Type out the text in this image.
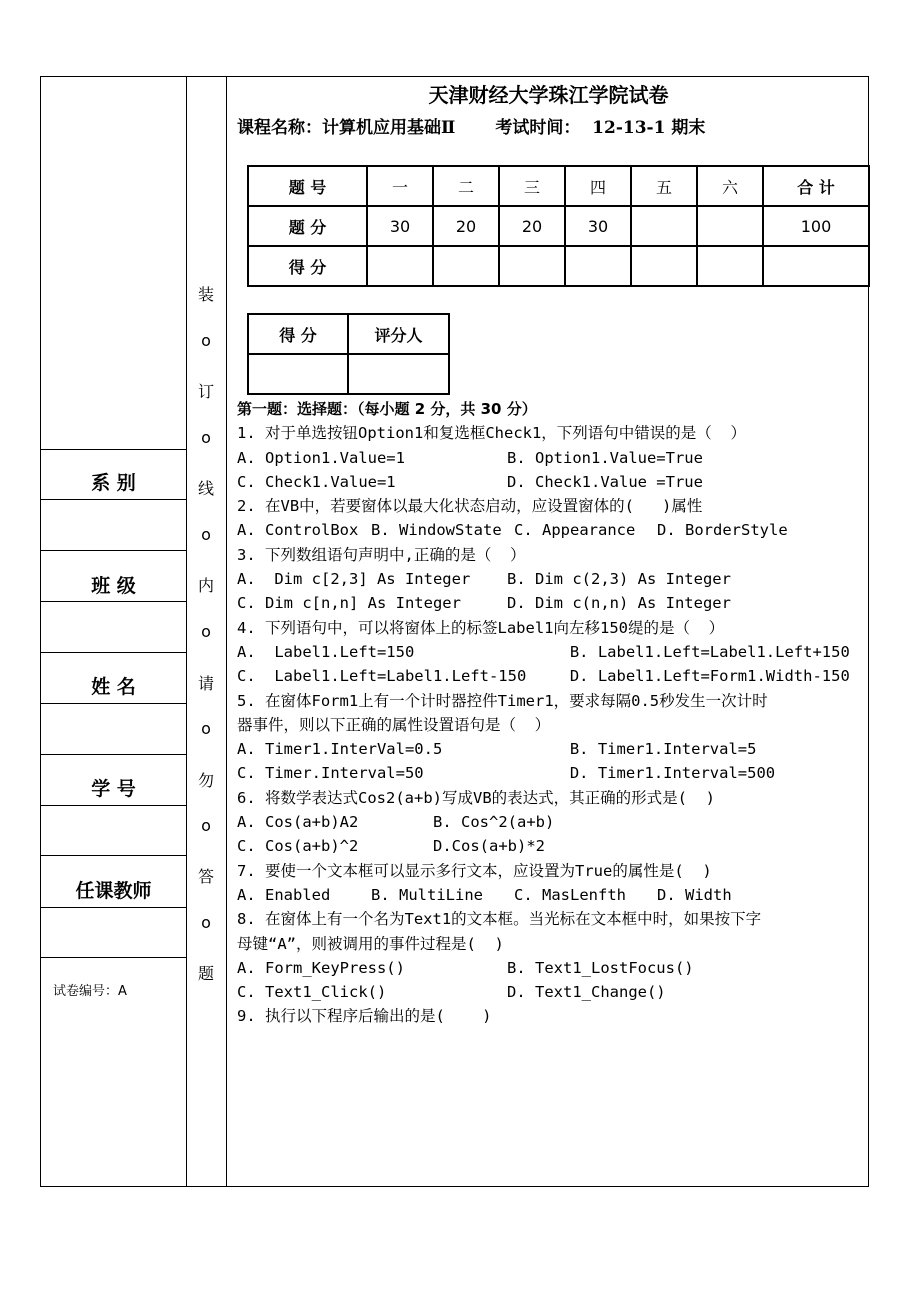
系 别
班 级
姓 名
学 号
任课教师
试卷编号：A
装
o
订
o
线
o
内
o
请
o
勿
o
答
o
题
天津财经大学珠江学院试卷
课程名称：计算机应用基础Ⅱ 考试时间：  12-13-1 期末
题 号	一	二	三	四	五	六	合 计
题 分	30	20	20	30			100
得 分							
得 分	评分人

第一题：选择题：（每小题 2 分，共 30 分）
1. 对于单选按钮Option1和复选框Check1，下列语句中错误的是（  ）
A. Option1.Value=1	B. Option1.Value=True
C. Check1.Value=1	D. Check1.Value =True
2. 在VB中，若要窗体以最大化状态启动，应设置窗体的(   )属性
A. ControlBox B. WindowState C. Appearance	D. BorderStyle
3. 下列数组语句声明中,正确的是（  ）
A.  Dim c[2,3] As Integer	B. Dim c(2,3) As Integer
C. Dim c[n,n] As Integer	D. Dim c(n,n) As Integer
4. 下列语句中，可以将窗体上的标签Label1向左移150缇的是（  ）
A.  Label1.Left=150	B. Label1.Left=Label1.Left+150
C.  Label1.Left=Label1.Left-150	D. Label1.Left=Form1.Width-150
5. 在窗体Form1上有一个计时器控件Timer1，要求每隔0.5秒发生一次计时
器事件，则以下正确的属性设置语句是（  ）
A. Timer1.InterVal=0.5	B. Timer1.Interval=5
C. Timer.Interval=50	D. Timer1.Interval=500
6. 将数学表达式Cos2(a+b)写成VB的表达式，其正确的形式是(  )
A. Cos(a+b)A2	B. Cos^2(a+b)
C. Cos(a+b)^2	D.Cos(a+b)*2
7. 要使一个文本框可以显示多行文本，应设置为True的属性是(  )
A. Enabled	B. MultiLine	C. MasLenfth	D. Width
8. 在窗体上有一个名为Text1的文本框。当光标在文本框中时，如果按下字
母键“A”，则被调用的事件过程是(  )
A. Form_KeyPress()	B. Text1_LostFocus()
C. Text1_Click()	D. Text1_Change()
9. 执行以下程序后输出的是(    )
